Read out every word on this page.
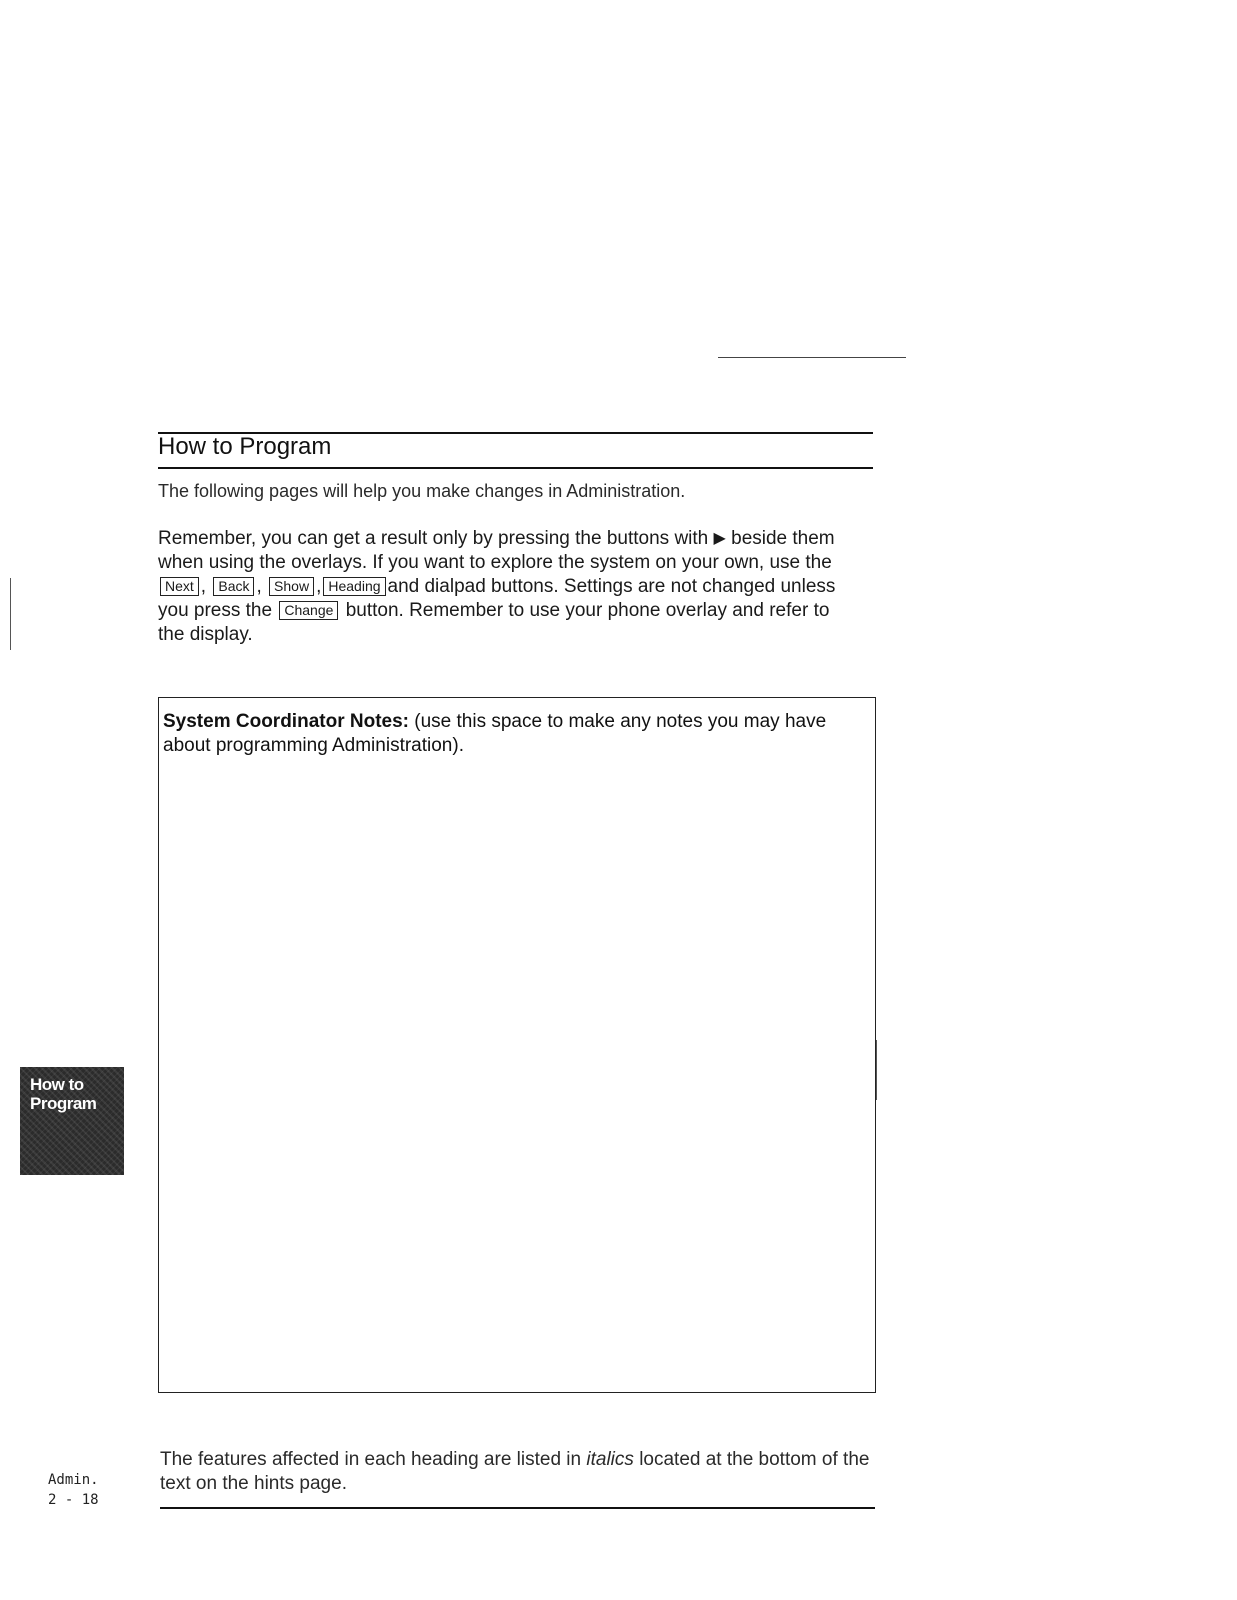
How to Program
The following pages will help you make changes in Administration.
Remember, you can get a result only by pressing the buttons with ▶ beside them when using the overlays. If you want to explore the system on your own, use the Next , Back , Show , Heading and dialpad buttons. Settings are not changed unless you press the Change button. Remember to use your phone overlay and refer to the display.
System Coordinator Notes: (use this space to make any notes you may have about programming Administration).
How to
Program
The features affected in each heading are listed in italics located at the bottom of the text on the hints page.
Admin.
2 - 18
